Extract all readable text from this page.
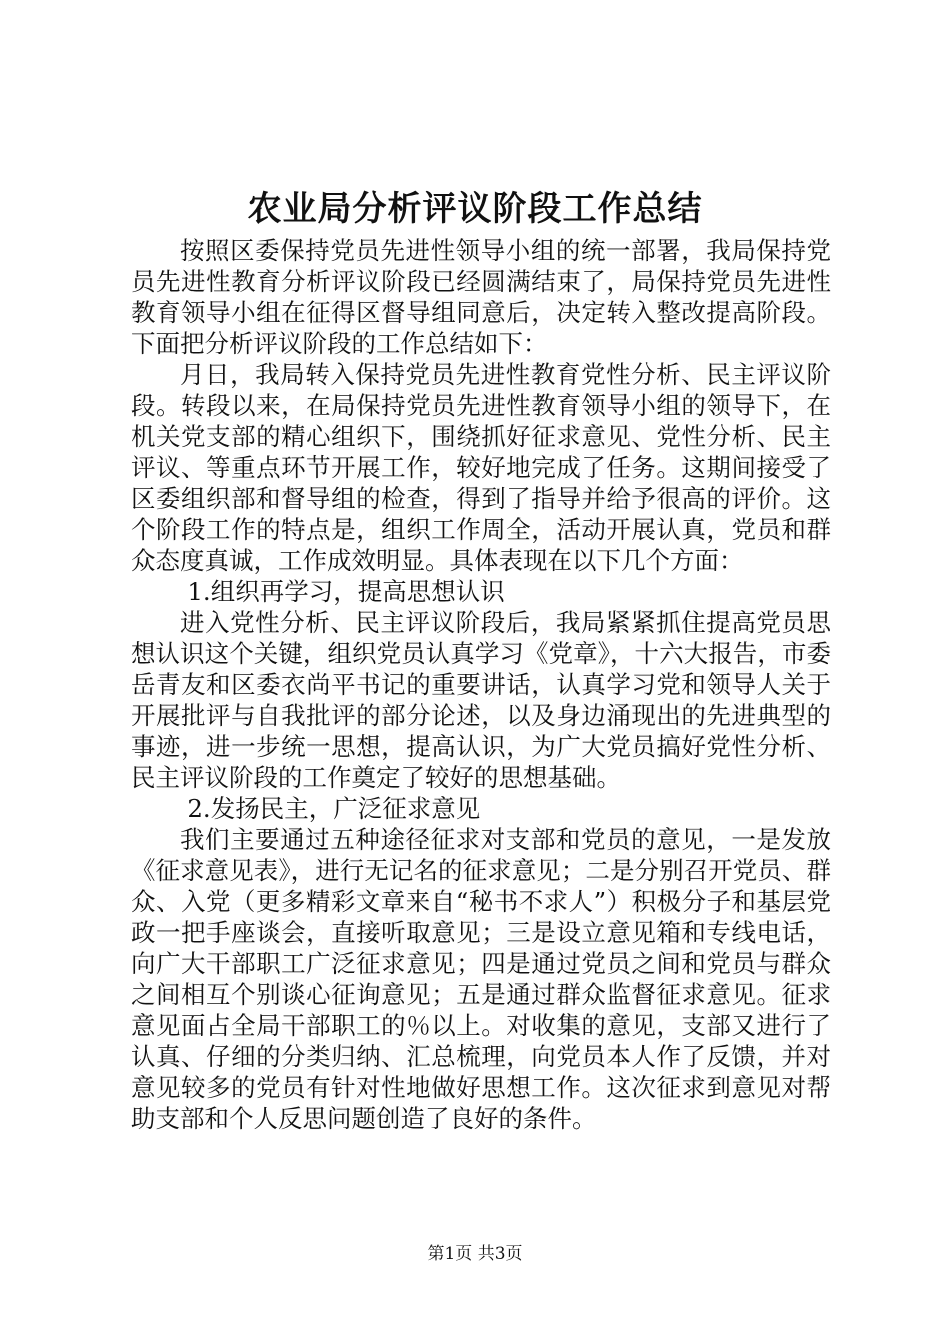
农业局分析评议阶段工作总结

按照区委保持党员先进性领导小组的统一部署，我局保持党员先进性教育分析评议阶段已经圆满结束了，局保持党员先进性教育领导小组在征得区督导组同意后，决定转入整改提高阶段。下面把分析评议阶段的工作总结如下：

月日，我局转入保持党员先进性教育党性分析、民主评议阶段。转段以来，在局保持党员先进性教育领导小组的领导下，在机关党支部的精心组织下，围绕抓好征求意见、党性分析、民主评议、等重点环节开展工作，较好地完成了任务。这期间接受了区委组织部和督导组的检查，得到了指导并给予很高的评价。这个阶段工作的特点是，组织工作周全，活动开展认真，党员和群众态度真诚，工作成效明显。具体表现在以下几个方面：

1.组织再学习，提高思想认识

进入党性分析、民主评议阶段后，我局紧紧抓住提高党员思想认识这个关键，组织党员认真学习《党章》，十六大报告，市委岳青友和区委衣尚平书记的重要讲话，认真学习党和领导人关于开展批评与自我批评的部分论述，以及身边涌现出的先进典型的事迹，进一步统一思想，提高认识，为广大党员搞好党性分析、民主评议阶段的工作奠定了较好的思想基础。

2.发扬民主，广泛征求意见

我们主要通过五种途径征求对支部和党员的意见，一是发放《征求意见表》，进行无记名的征求意见；二是分别召开党员、群众、入党（更多精彩文章来自“秘书不求人”）积极分子和基层党政一把手座谈会，直接听取意见；三是设立意见箱和专线电话，向广大干部职工广泛征求意见；四是通过党员之间和党员与群众之间相互个别谈心征询意见；五是通过群众监督征求意见。征求意见面占全局干部职工的％以上。对收集的意见，支部又进行了认真、仔细的分类归纳、汇总梳理，向党员本人作了反馈，并对意见较多的党员有针对性地做好思想工作。这次征求到意见对帮助支部和个人反思问题创造了良好的条件。

第1页 共3页
